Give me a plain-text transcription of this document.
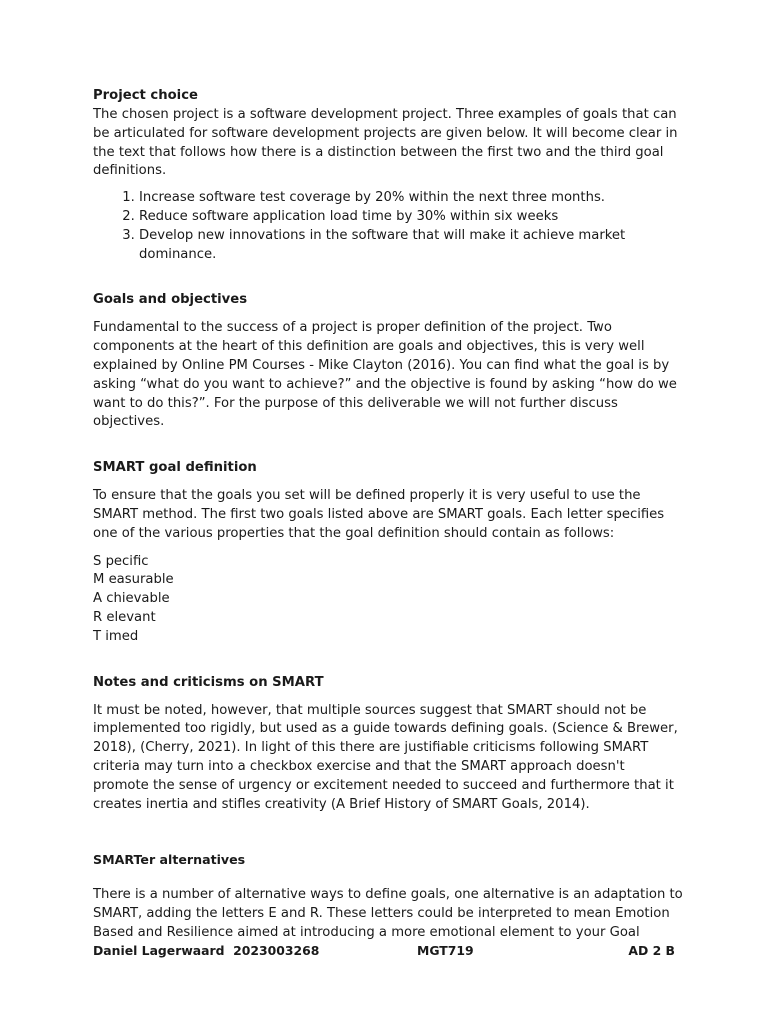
Project choice

The chosen project is a software development project. Three examples of goals that can be articulated for software development projects are given below. It will become clear in the text that follows how there is a distinction between the first two and the third goal definitions.

1. Increase software test coverage by 20% within the next three months.
2. Reduce software application load time by 30% within six weeks
3. Develop new innovations in the software that will make it achieve market dominance.
Goals and objectives

Fundamental to the success of a project is proper definition of the project. Two components at the heart of this definition are goals and objectives, this is very well explained by Online PM Courses - Mike Clayton (2016). You can find what the goal is by asking “what do you want to achieve?” and the objective is found by asking “how do we want to do this?”. For the purpose of this deliverable we will not further discuss objectives.

SMART goal definition

To ensure that the goals you set will be defined properly it is very useful to use the SMART method. The first two goals listed above are SMART goals. Each letter specifies one of the various properties that the goal definition should contain as follows:

S pecific
M easurable
A chievable
R elevant
T imed
Notes and criticisms on SMART

It must be noted, however, that multiple sources suggest that SMART should not be implemented too rigidly, but used as a guide towards defining goals. (Science & Brewer, 2018), (Cherry, 2021). In light of this there are justifiable criticisms following SMART criteria may turn into a checkbox exercise and that the SMART approach doesn't promote the sense of urgency or excitement needed to succeed and furthermore that it creates inertia and stifles creativity (A Brief History of SMART Goals, 2014).

SMARTer alternatives

There is a number of alternative ways to define goals, one alternative is an adaptation to SMART, adding the letters E and R. These letters could be interpreted to mean Emotion Based and Resilience aimed at introducing a more emotional element to your Goal

Daniel Lagerwaard  2023003268	MGT719	AD 2 B
